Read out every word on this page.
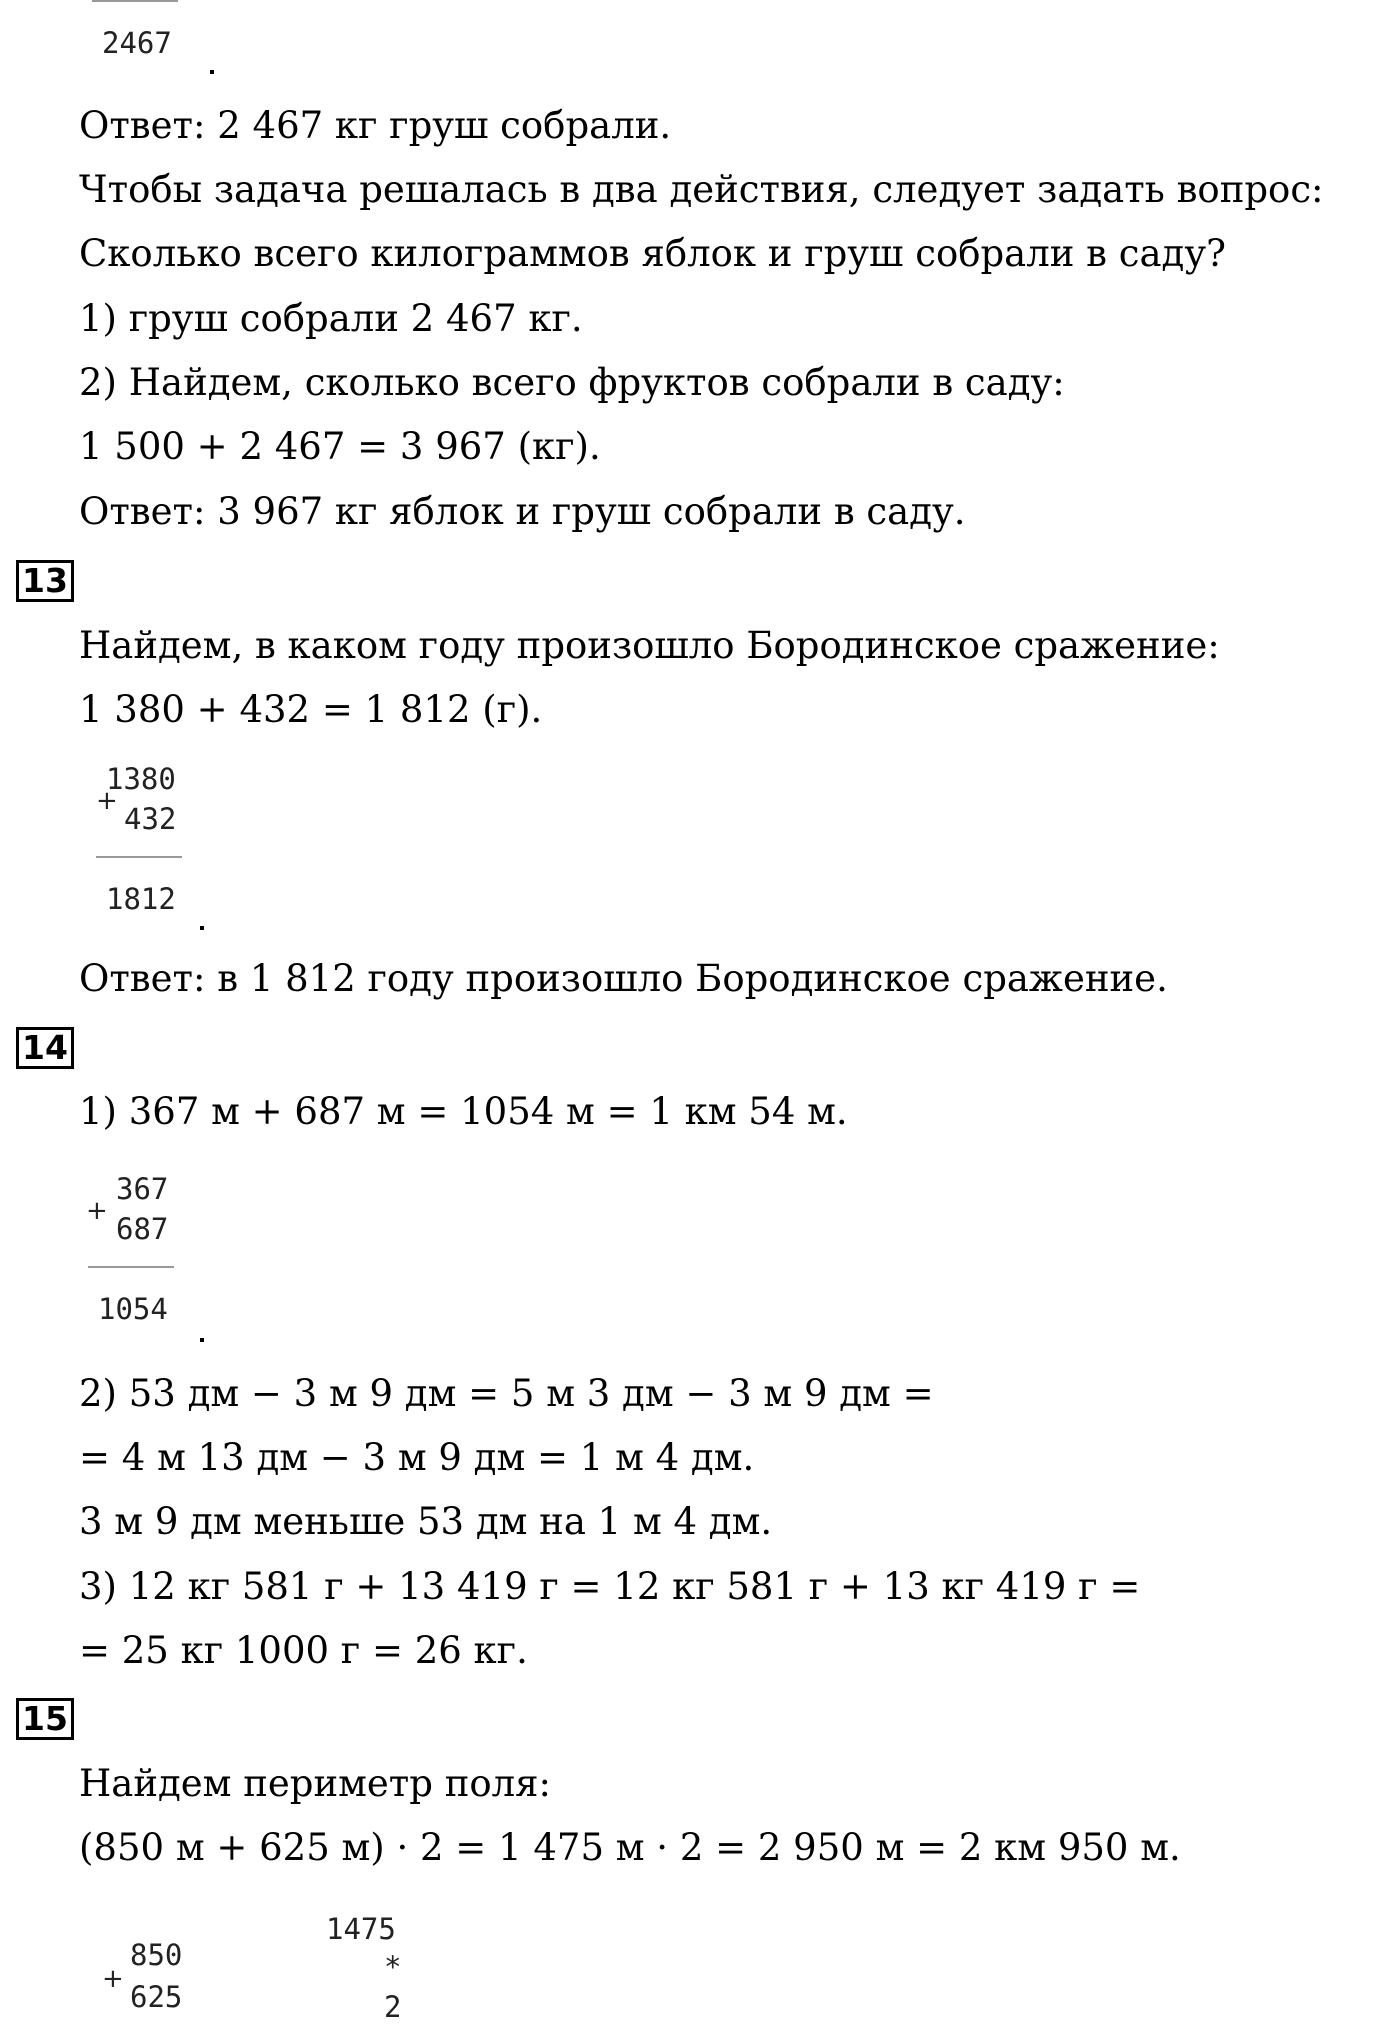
2467
Ответ: 2 467 кг груш собрали.
Чтобы задача решалась в два действия, следует задать вопрос:
Сколько всего килограммов яблок и груш собрали в саду?
1) груш собрали 2 467 кг.
2) Найдем, сколько всего фруктов собрали в саду:
1 500 + 2 467 = 3 967 (кг).
Ответ: 3 967 кг яблок и груш собрали в саду.
13
Найдем, в каком году произошло Бородинское сражение:
1 380 + 432 = 1 812 (г).
1380
+
432
1812
Ответ: в 1 812 году произошло Бородинское сражение.
14
1) 367 м + 687 м = 1054 м = 1 км 54 м.
367
+
687
1054
2) 53 дм − 3 м 9 дм = 5 м 3 дм − 3 м 9 дм =
= 4 м 13 дм − 3 м 9 дм = 1 м 4 дм.
3 м 9 дм меньше 53 дм на 1 м 4 дм.
3) 12 кг 581 г + 13 419 г = 12 кг 581 г + 13 кг 419 г =
= 25 кг 1000 г = 26 кг.
15
Найдем периметр поля:
(850 м + 625 м) · 2 = 1 475 м · 2 = 2 950 м = 2 км 950 м.
850
+
625
1475
*
2
